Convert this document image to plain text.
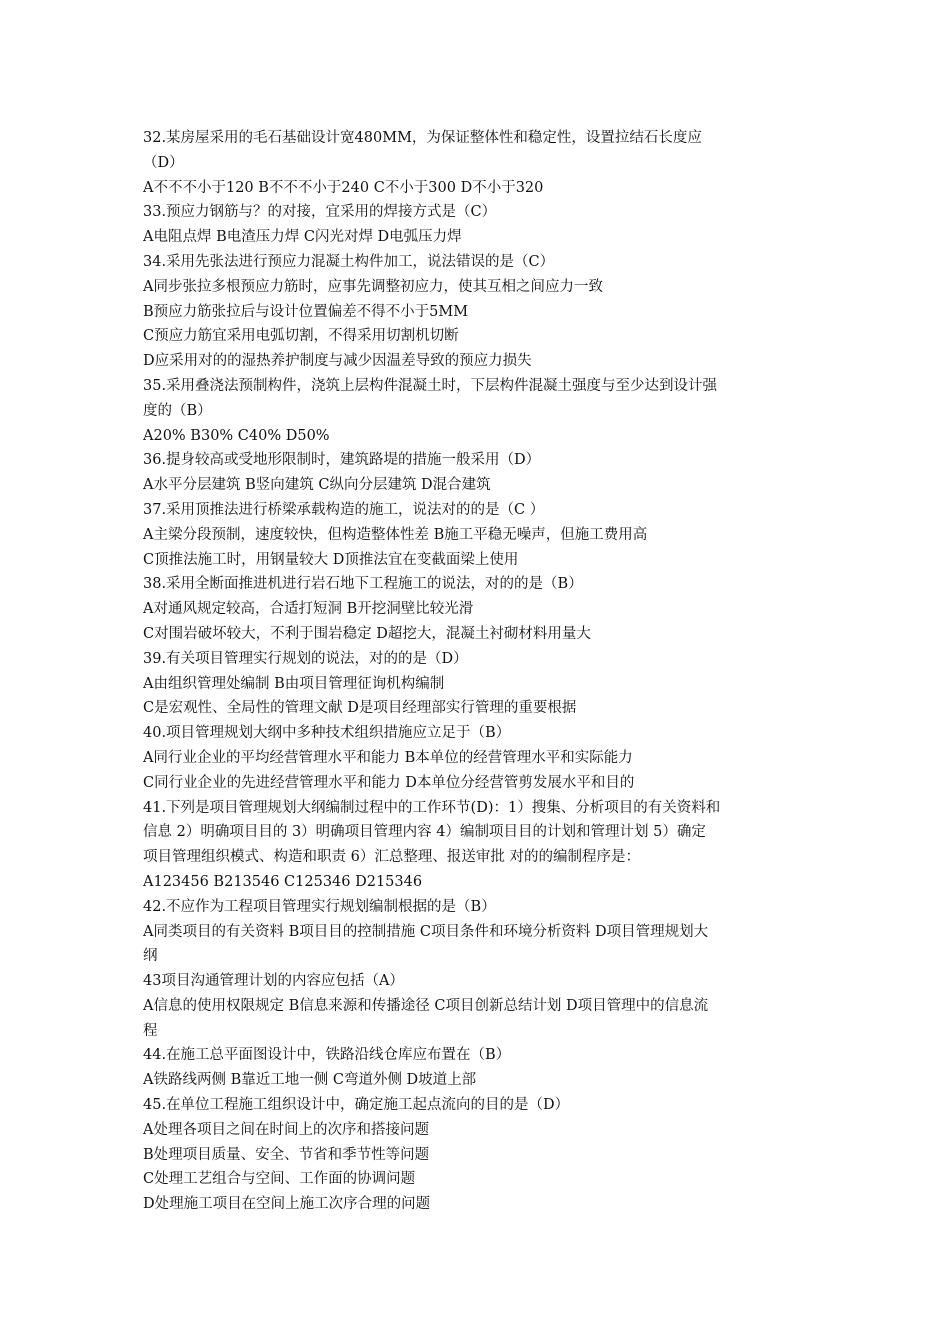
32.某房屋采用的毛石基础设计宽480MM，为保证整体性和稳定性，设置拉结石长度应
（D）
A不不不小于120 B不不不小于240 C不小于300 D不小于320
33.预应力钢筋与？的对接，宜采用的焊接方式是（C）
A电阻点焊 B电渣压力焊 C闪光对焊 D电弧压力焊
34.采用先张法进行预应力混凝土构件加工，说法错误的是（C）
A同步张拉多根预应力筋时，应事先调整初应力，使其互相之间应力一致
B预应力筋张拉后与设计位置偏差不得不小于5MM
C预应力筋宜采用电弧切割，不得采用切割机切断
D应采用对的的湿热养护制度与减少因温差导致的预应力损失
35.采用叠浇法预制构件，浇筑上层构件混凝土时，下层构件混凝土强度与至少达到设计强
度的（B）
A20% B30% C40% D50%
36.提身较高或受地形限制时，建筑路堤的措施一般采用（D）
A水平分层建筑 B竖向建筑 C纵向分层建筑 D混合建筑
37.采用顶推法进行桥梁承载构造的施工，说法对的的是（C ）
A主梁分段预制，速度较快，但构造整体性差 B施工平稳无噪声，但施工费用高
C顶推法施工时，用钢量较大 D顶推法宜在变截面梁上使用
38.采用全断面推进机进行岩石地下工程施工的说法，对的的是（B）
A对通风规定较高，合适打短洞 B开挖洞壁比较光滑
C对围岩破坏较大，不利于围岩稳定 D超挖大，混凝土衬砌材料用量大
39.有关项目管理实行规划的说法，对的的是（D）
A由组织管理处编制 B由项目管理征询机构编制
C是宏观性、全局性的管理文献 D是项目经理部实行管理的重要根据
40.项目管理规划大纲中多种技术组织措施应立足于（B）
A同行业企业的平均经营管理水平和能力 B本单位的经营管理水平和实际能力
C同行业企业的先进经营管理水平和能力 D本单位分经营管剪发展水平和目的
41.下列是项目管理规划大纲编制过程中的工作环节(D)：1）搜集、分析项目的有关资料和
信息 2）明确项目目的 3）明确项目管理内容 4）编制项目目的计划和管理计划 5）确定
项目管理组织模式、构造和职责 6）汇总整理、报送审批 对的的编制程序是：
A123456 B213546 C125346 D215346
42.不应作为工程项目管理实行规划编制根据的是（B）
A同类项目的有关资料 B项目目的控制措施 C项目条件和环境分析资料 D项目管理规划大
纲
43项目沟通管理计划的内容应包括（A）
A信息的使用权限规定 B信息来源和传播途径 C项目创新总结计划 D项目管理中的信息流
程
44.在施工总平面图设计中，铁路沿线仓库应布置在（B）
A铁路线两侧 B靠近工地一侧 C弯道外侧 D坡道上部
45.在单位工程施工组织设计中，确定施工起点流向的目的是（D）
A处理各项目之间在时间上的次序和搭接问题
B处理项目质量、安全、节省和季节性等问题
C处理工艺组合与空间、工作面的协调问题
D处理施工项目在空间上施工次序合理的问题
